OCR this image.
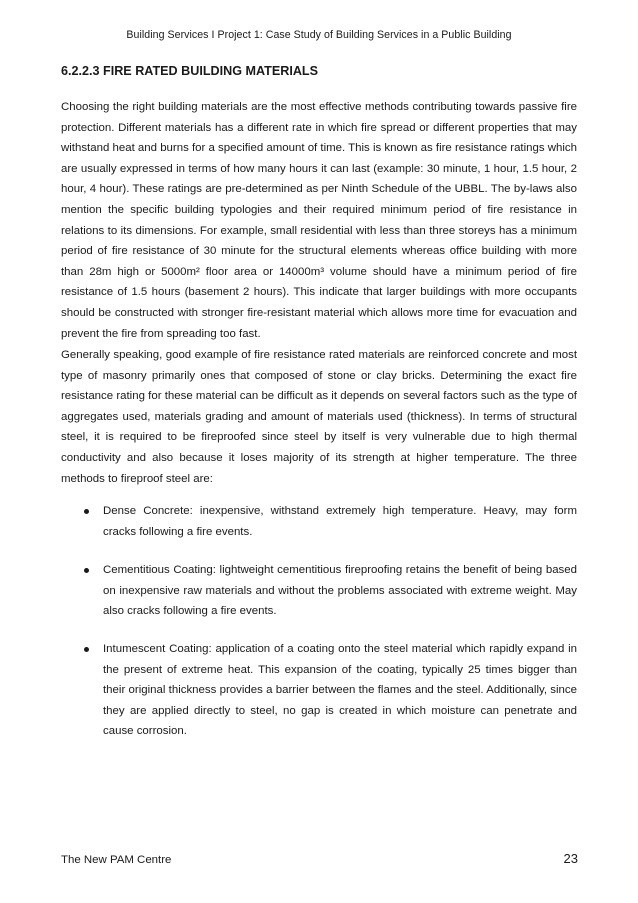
Building Services I Project 1: Case Study of Building Services in a Public Building
6.2.2.3 FIRE RATED BUILDING MATERIALS

Choosing the right building materials are the most effective methods contributing towards passive fire protection. Different materials has a different rate in which fire spread or different properties that may withstand heat and burns for a specified amount of time. This is known as fire resistance ratings which are usually expressed in terms of how many hours it can last (example: 30 minute, 1 hour, 1.5 hour, 2 hour, 4 hour). These ratings are pre-determined as per Ninth Schedule of the UBBL. The by-laws also mention the specific building typologies and their required minimum period of fire resistance in relations to its dimensions. For example, small residential with less than three storeys has a minimum period of fire resistance of 30 minute for the structural elements whereas office building with more than 28m high or 5000m² floor area or 14000m³ volume should have a minimum period of fire resistance of 1.5 hours (basement 2 hours). This indicate that larger buildings with more occupants should be constructed with stronger fire-resistant material which allows more time for evacuation and prevent the fire from spreading too fast.

Generally speaking, good example of fire resistance rated materials are reinforced concrete and most type of masonry primarily ones that composed of stone or clay bricks. Determining the exact fire resistance rating for these material can be difficult as it depends on several factors such as the type of aggregates used, materials grading and amount of materials used (thickness). In terms of structural steel, it is required to be fireproofed since steel by itself is very vulnerable due to high thermal conductivity and also because it loses majority of its strength at higher temperature. The three methods to fireproof steel are:

Dense Concrete: inexpensive, withstand extremely high temperature. Heavy, may form cracks following a fire events.
Cementitious Coating: lightweight cementitious fireproofing retains the benefit of being based on inexpensive raw materials and without the problems associated with extreme weight. May also cracks following a fire events.
Intumescent Coating: application of a coating onto the steel material which rapidly expand in the present of extreme heat. This expansion of the coating, typically 25 times bigger than their original thickness provides a barrier between the flames and the steel. Additionally, since they are applied directly to steel, no gap is created in which moisture can penetrate and cause corrosion.
The New PAM Centre	23
